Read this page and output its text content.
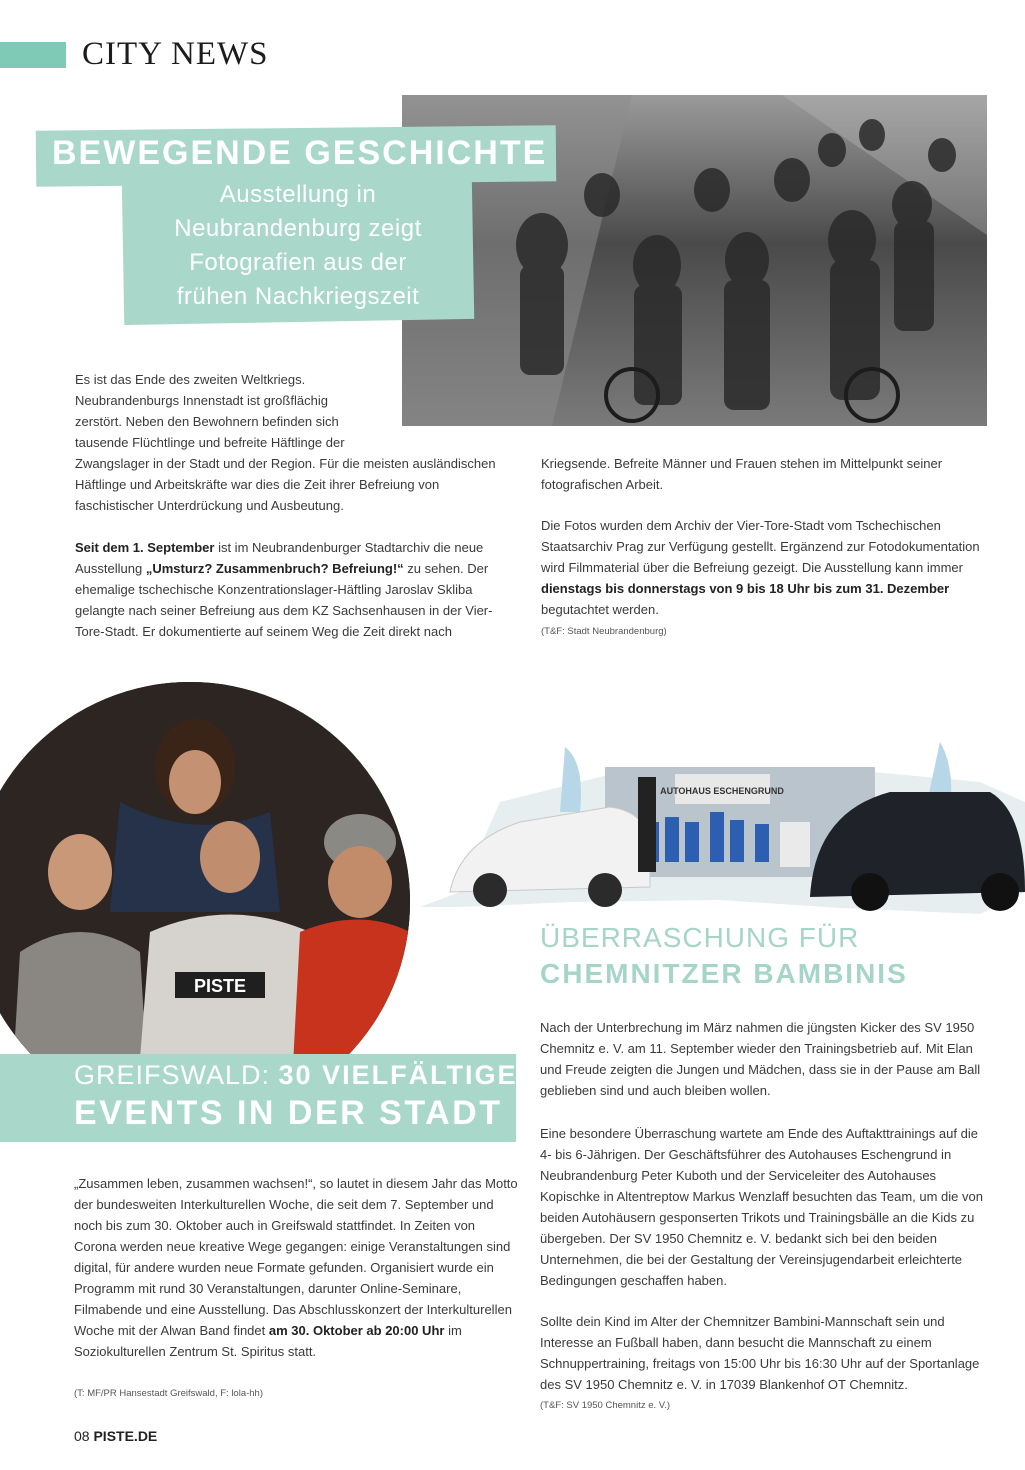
CITY NEWS
BEWEGENDE GESCHICHTE
Ausstellung in
Neubrandenburg zeigt
Fotografien aus der
frühen Nachkriegszeit
Es ist das Ende des zweiten Weltkriegs.
Neubrandenburgs Innenstadt ist großflächig
zerstört. Neben den Bewohnern befinden sich
tausende Flüchtlinge und befreite Häftlinge der
Zwangslager in der Stadt und der Region. Für die meisten ausländischen Häftlinge und Arbeitskräfte war dies die Zeit ihrer Befreiung von faschistischer Unterdrückung und Ausbeutung.
Seit dem 1. September ist im Neubrandenburger Stadtarchiv die neue Ausstellung „Umsturz? Zusammenbruch? Befreiung!“ zu sehen. Der ehemalige tschechische Konzentrationslager-Häftling Jaroslav Skliba gelangte nach seiner Befreiung aus dem KZ Sachsenhausen in der Vier-Tore-Stadt. Er dokumentierte auf seinem Weg die Zeit direkt nach
Kriegsende. Befreite Männer und Frauen stehen im Mittelpunkt seiner fotografischen Arbeit.
Die Fotos wurden dem Archiv der Vier-Tore-Stadt vom Tschechischen Staatsarchiv Prag zur Verfügung gestellt. Ergänzend zur Fotodokumentation wird Filmmaterial über die Befreiung gezeigt. Die Ausstellung kann immer dienstags bis donnerstags von 9 bis 18 Uhr bis zum 31. Dezember begutachtet werden.
(T&F: Stadt Neubrandenburg)
PISTE
GREIFSWALD: 30 VIELFÄLTIGE
EVENTS IN DER STADT
„Zusammen leben, zusammen wachsen!“, so lautet in diesem Jahr das Motto der bundesweiten Interkulturellen Woche, die seit dem 7. September und noch bis zum 30. Oktober auch in Greifswald stattfindet. In Zeiten von Corona werden neue kreative Wege gegangen: einige Veranstaltungen sind digital, für andere wurden neue Formate gefunden. Organisiert wurde ein Programm mit rund 30 Veranstaltungen, darunter Online-Seminare, Filmabende und eine Ausstellung. Das Abschlusskonzert der Interkulturellen Woche mit der Alwan Band findet am 30. Oktober ab 20:00 Uhr im Soziokulturellen Zentrum St. Spiritus statt.
(T: MF/PR Hansestadt Greifswald, F: lola-hh)
AUTOHAUS ESCHENGRUND
ÜBERRASCHUNG FÜR
CHEMNITZER BAMBINIS
Nach der Unterbrechung im März nahmen die jüngsten Kicker des SV 1950 Chemnitz e. V. am 11. September wieder den Trainingsbetrieb auf. Mit Elan und Freude zeigten die Jungen und Mädchen, dass sie in der Pause am Ball geblieben sind und auch bleiben wollen.
Eine besondere Überraschung wartete am Ende des Auftakttrainings auf die 4- bis 6-Jährigen. Der Geschäftsführer des Autohauses Eschengrund in Neubrandenburg Peter Kuboth und der Serviceleiter des Autohauses Kopischke in Altentreptow Markus Wenzlaff besuchten das Team, um die von beiden Autohäusern gesponserten Trikots und Trainingsbälle an die Kids zu übergeben. Der SV 1950 Chemnitz e. V. bedankt sich bei den beiden Unternehmen, die bei der Gestaltung der Vereinsjugendarbeit erleichterte Bedingungen geschaffen haben.
Sollte dein Kind im Alter der Chemnitzer Bambini-Mannschaft sein und Interesse an Fußball haben, dann besucht die Mannschaft zu einem Schnuppertraining, freitags von 15:00 Uhr bis 16:30 Uhr auf der Sportanlage des SV 1950 Chemnitz e. V. in 17039 Blankenhof OT Chemnitz.
(T&F: SV 1950 Chemnitz e. V.)
08 PISTE.DE
